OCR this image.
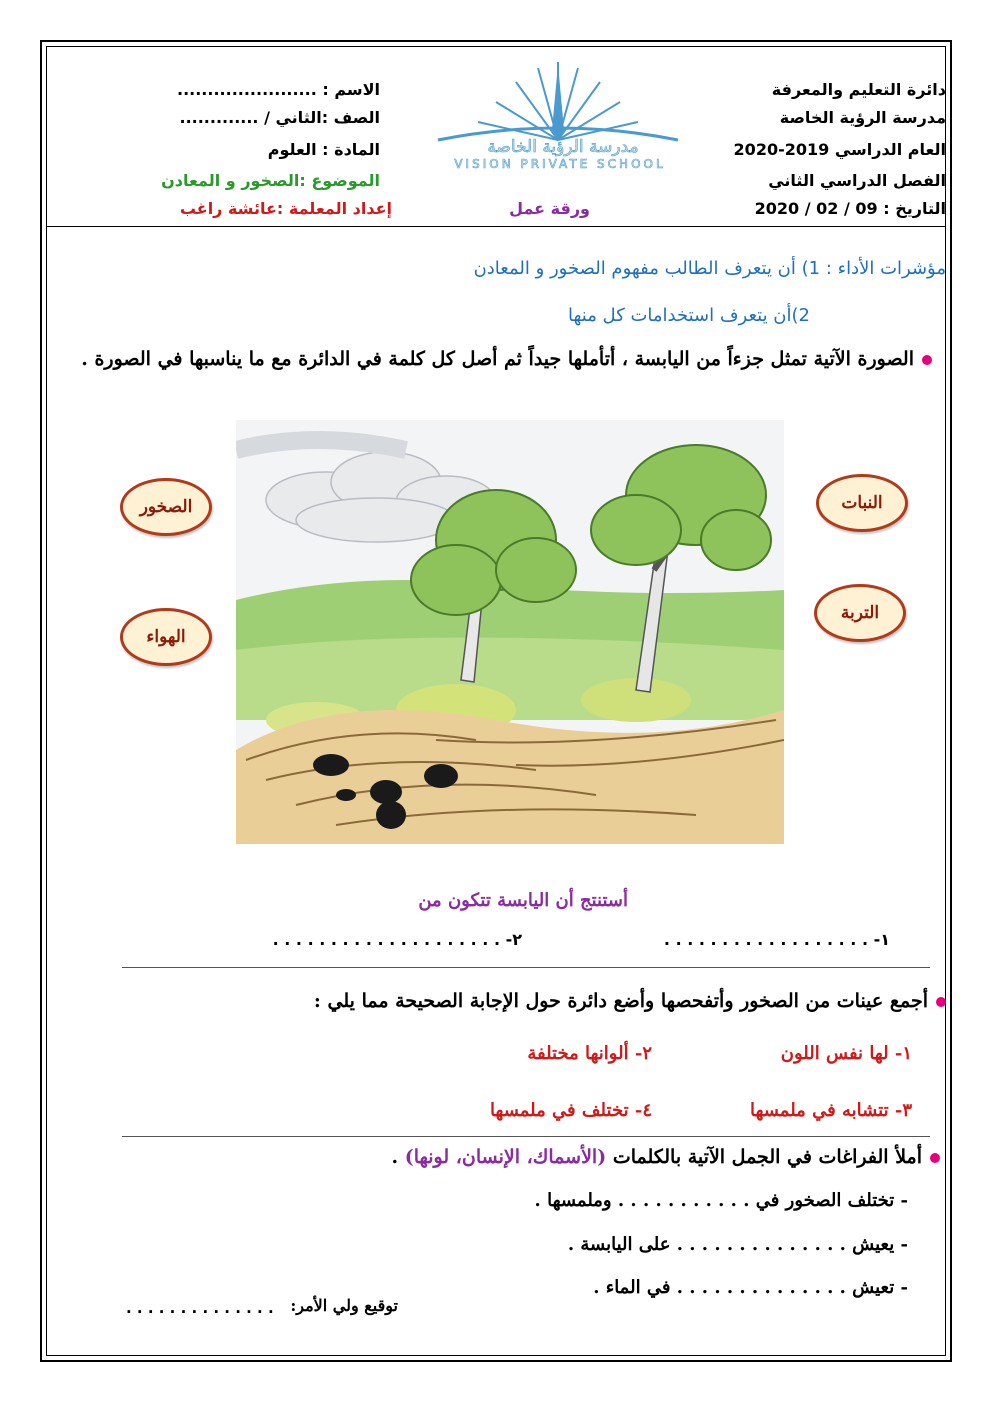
دائرة التعليم والمعرفة
مدرسة الرؤية الخاصة
العام الدراسي 2019-2020
الفصل الدراسي الثاني
التاريخ : 09 / 02 / 2020
مدرسة الرؤية الخاصة
VISION PRIVATE SCHOOL
الاسم : .......................
الصف :الثاني / .............
المادة : العلوم
الموضوع :الصخور و المعادن
إعداد المعلمة :عائشة راغب	ورقة عمل
مؤشرات الأداء : 1) أن يتعرف الطالب مفهوم الصخور و المعادن
2)أن يتعرف استخدامات كل منها
الصورة الآتية تمثل جزءاً من اليابسة ، أتأملها جيداً ثم أصل كل كلمة في الدائرة مع ما يناسبها في الصورة .
الصخور
الهواء
النبات
التربة
أستنتج أن اليابسة تتكون من
١- . . . . . . . . . . . . . . . . . .
٢- . . . . . . . . . . . . . . . . . . . .
أجمع عينات من الصخور وأتفحصها وأضع دائرة حول الإجابة الصحيحة مما يلي :
١- لها نفس اللون
٢- ألوانها مختلفة
٣- تتشابه في ملمسها
٤- تختلف في ملمسها
أملأ الفراغات في الجمل الآتية بالكلمات (الأسماك، الإنسان، لونها) .
- تختلف الصخور في . . . . . . . . . . . وملمسها .
- يعيش . . . . . . . . . . . . . . على اليابسة .
- تعيش . . . . . . . . . . . . . . في الماء .
توقيع ولي الأمر:
. . . . . . . . . . . . . .
